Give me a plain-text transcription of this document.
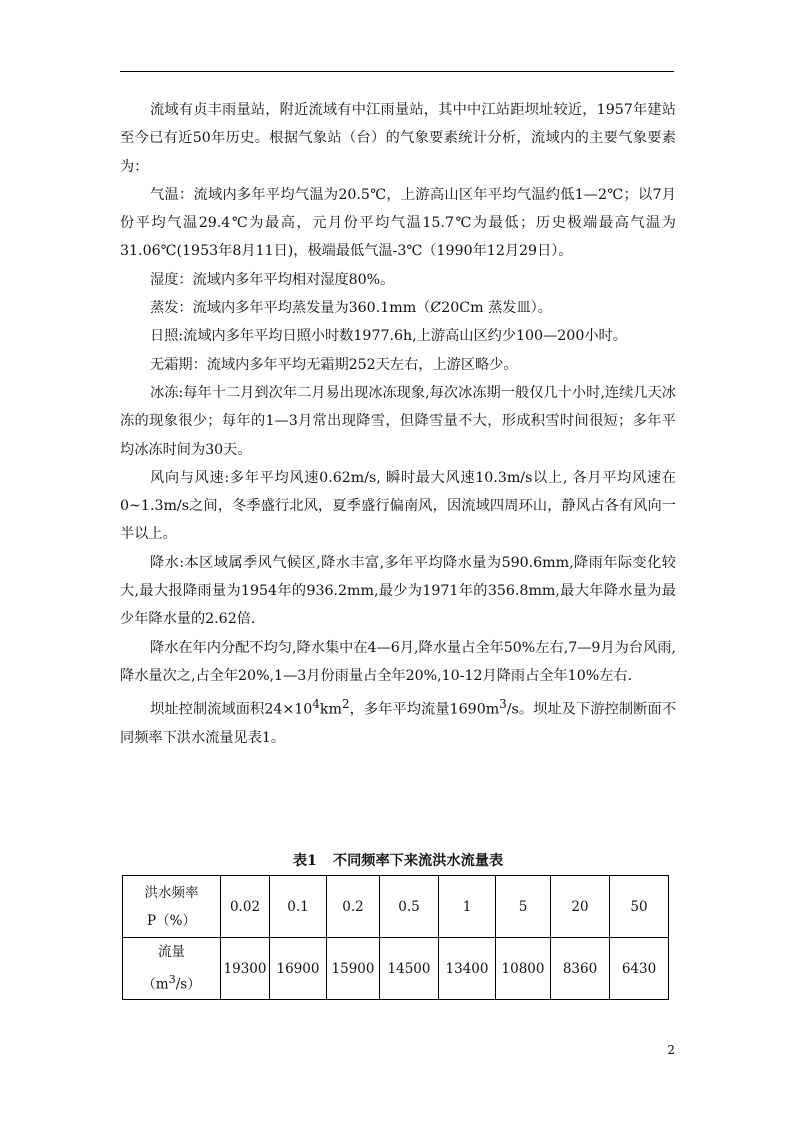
流域有贞丰雨量站，附近流域有中江雨量站，其中中江站距坝址较近，1957年建站至今已有近50年历史。根据气象站（台）的气象要素统计分析，流域内的主要气象要素为：

气温：流域内多年平均气温为20.5℃，上游高山区年平均气温约低1—2℃；以7月份平均气温29.4℃为最高，元月份平均气温15.7℃为最低；历史极端最高气温为31.06℃(1953年8月11日)，极端最低气温-3℃（1990年12月29日）。

湿度：流域内多年平均相对湿度80%。

蒸发：流域内多年平均蒸发量为360.1mm（Ȼ20Cm 蒸发皿）。

日照:流域内多年平均日照小时数1977.6h,上游高山区约少100—200小时。

无霜期：流域内多年平均无霜期252天左右，上游区略少。

冰冻:每年十二月到次年二月易出现冰冻现象,每次冰冻期一般仅几十小时,连续几天冰冻的现象很少；每年的1—3月常出现降雪，但降雪量不大，形成积雪时间很短；多年平均冰冻时间为30天。

风向与风速:多年平均风速0.62m/s, 瞬时最大风速10.3m/s以上, 各月平均风速在0~1.3m/s之间，冬季盛行北风，夏季盛行偏南风，因流域四周环山，静风占各有风向一半以上。

降水:本区域属季风气候区,降水丰富,多年平均降水量为590.6mm,降雨年际变化较大,最大报降雨量为1954年的936.2mm,最少为1971年的356.8mm,最大年降水量为最少年降水量的2.62倍.

降水在年内分配不均匀,降水集中在4—6月,降水量占全年50%左右,7—9月为台风雨,降水量次之,占全年20%,1—3月份雨量占全年20%,10-12月降雨占全年10%左右.

坝址控制流域面积$24\times 10^4km^2$，多年平均流量$1690m^3/s$。坝址及下游控制断面不同频率下洪水流量见表1。

表1 不同频率下来流洪水流量表
洪水频率
P（%）	0.02	0.1	0.2	0.5	1	5	20	50

流量
$(m^3/s)$	19300	16900	15900	14500	13400	10800	8360	6430
2
